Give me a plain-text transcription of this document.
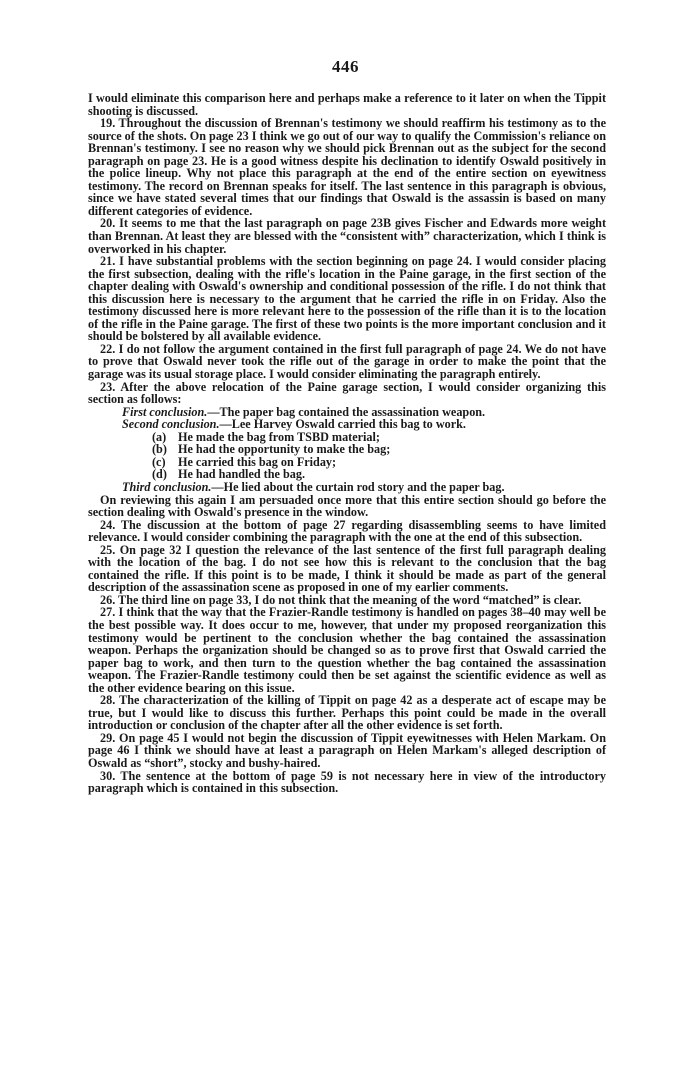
446

I would eliminate this comparison here and perhaps make a reference to it later on when the Tippit shooting is discussed.

19. Throughout the discussion of Brennan's testimony we should reaffirm his testimony as to the source of the shots. On page 23 I think we go out of our way to qualify the Commission's reliance on Brennan's testimony. I see no reason why we should pick Brennan out as the subject for the second paragraph on page 23. He is a good witness despite his declination to identify Oswald positively in the police lineup. Why not place this paragraph at the end of the entire section on eyewitness testimony. The record on Brennan speaks for itself. The last sentence in this paragraph is obvious, since we have stated several times that our findings that Oswald is the assassin is based on many different categories of evidence.

20. It seems to me that the last paragraph on page 23B gives Fischer and Edwards more weight than Brennan. At least they are blessed with the “consistent with” characterization, which I think is overworked in his chapter.

21. I have substantial problems with the section beginning on page 24. I would consider placing the first subsection, dealing with the rifle's location in the Paine garage, in the first section of the chapter dealing with Oswald's ownership and conditional possession of the rifle. I do not think that this discussion here is necessary to the argument that he carried the rifle in on Friday. Also the testimony discussed here is more relevant here to the possession of the rifle than it is to the location of the rifle in the Paine garage. The first of these two points is the more important conclusion and it should be bolstered by all available evidence.

22. I do not follow the argument contained in the first full paragraph of page 24. We do not have to prove that Oswald never took the rifle out of the garage in order to make the point that the garage was its usual storage place. I would consider eliminating the paragraph entirely.

23. After the above relocation of the Paine garage section, I would consider organizing this section as follows:

First conclusion.—The paper bag contained the assassination weapon.

Second conclusion.—Lee Harvey Oswald carried this bag to work.

(a) He made the bag from TSBD material;

(b) He had the opportunity to make the bag;

(c) He carried this bag on Friday;

(d) He had handled the bag.

Third conclusion.—He lied about the curtain rod story and the paper bag.

On reviewing this again I am persuaded once more that this entire section should go before the section dealing with Oswald's presence in the window.

24. The discussion at the bottom of page 27 regarding disassembling seems to have limited relevance. I would consider combining the paragraph with the one at the end of this subsection.

25. On page 32 I question the relevance of the last sentence of the first full paragraph dealing with the location of the bag. I do not see how this is relevant to the conclusion that the bag contained the rifle. If this point is to be made, I think it should be made as part of the general description of the assassination scene as proposed in one of my earlier comments.

26. The third line on page 33, I do not think that the meaning of the word “matched” is clear.

27. I think that the way that the Frazier-Randle testimony is handled on pages 38–40 may well be the best possible way. It does occur to me, however, that under my proposed reorganization this testimony would be pertinent to the conclusion whether the bag contained the assassination weapon. Perhaps the organization should be changed so as to prove first that Oswald carried the paper bag to work, and then turn to the question whether the bag contained the assassination weapon. The Frazier-Randle testimony could then be set against the scientific evidence as well as the other evidence bearing on this issue.

28. The characterization of the killing of Tippit on page 42 as a desperate act of escape may be true, but I would like to discuss this further. Perhaps this point could be made in the overall introduction or conclusion of the chapter after all the other evidence is set forth.

29. On page 45 I would not begin the discussion of Tippit eyewitnesses with Helen Markam. On page 46 I think we should have at least a paragraph on Helen Markam's alleged description of Oswald as “short”, stocky and bushy-haired.

30. The sentence at the bottom of page 59 is not necessary here in view of the introductory paragraph which is contained in this subsection.
